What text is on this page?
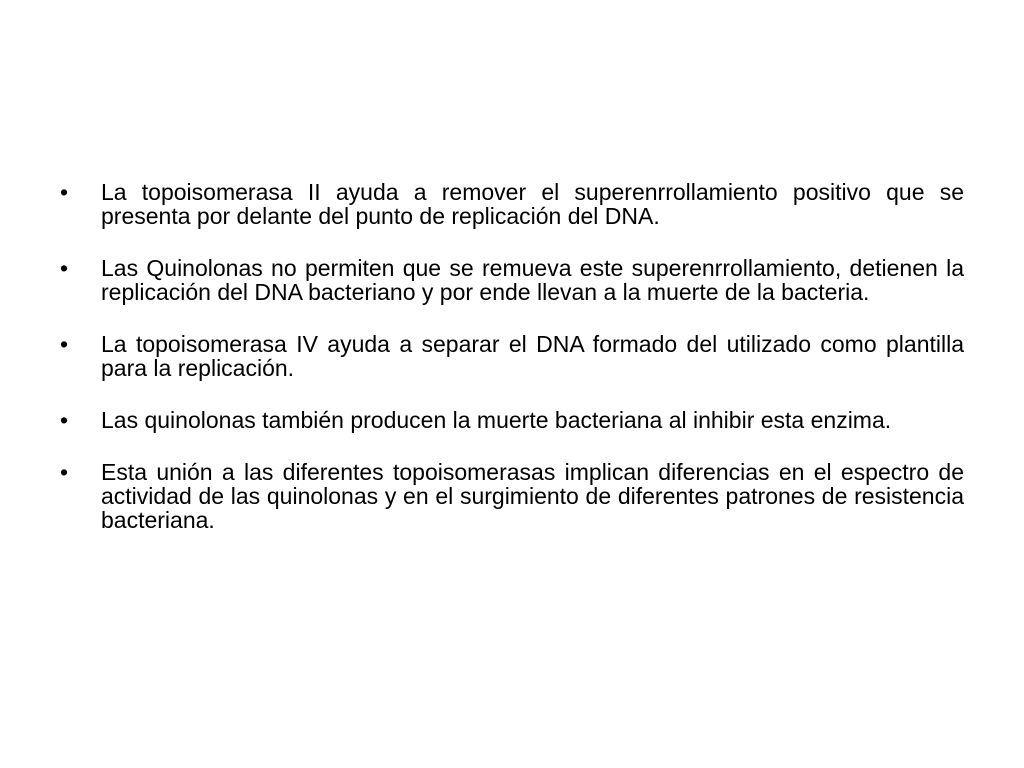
•	La topoisomerasa II ayuda a remover el superenrrollamiento positivo que se presenta por delante del punto de replicación del DNA.
•	Las Quinolonas no permiten que se remueva este superenrrollamiento, detienen la replicación del DNA bacteriano y por ende llevan a la muerte de la bacteria.
•	La topoisomerasa IV ayuda a separar el DNA formado del utilizado como plantilla para la replicación.
•	Las quinolonas también producen la muerte bacteriana al inhibir esta enzima.
•	Esta unión a las diferentes topoisomerasas implican diferencias en el espectro de actividad de las quinolonas y en el surgimiento de diferentes patrones de resistencia bacteriana.
